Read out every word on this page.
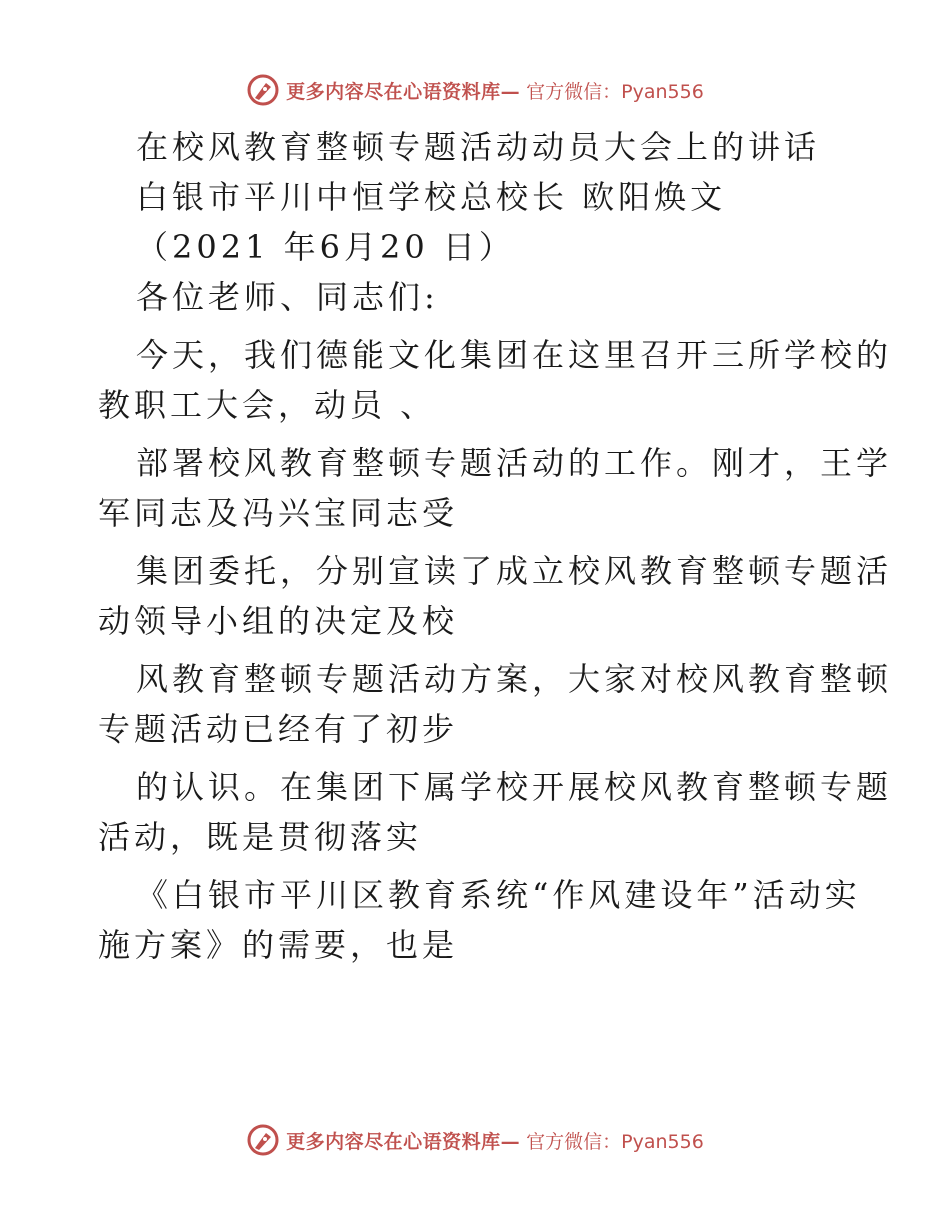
更多内容尽在心语资料库— 官方微信：Pyan556
在校风教育整顿专题活动动员大会上的讲话
白银市平川中恒学校总校长 欧阳焕文
（2021 年6月20 日）
各位老师、同志们:
今天，我们德能文化集团在这里召开三所学校的
教职工大会，动员 、
部署校风教育整顿专题活动的工作。刚才，王学
军同志及冯兴宝同志受
集团委托，分别宣读了成立校风教育整顿专题活
动领导小组的决定及校
风教育整顿专题活动方案，大家对校风教育整顿
专题活动已经有了初步
的认识。在集团下属学校开展校风教育整顿专题
活动，既是贯彻落实
《白银市平川区教育系统“作风建设年”活动实
施方案》的需要，也是
更多内容尽在心语资料库— 官方微信：Pyan556
